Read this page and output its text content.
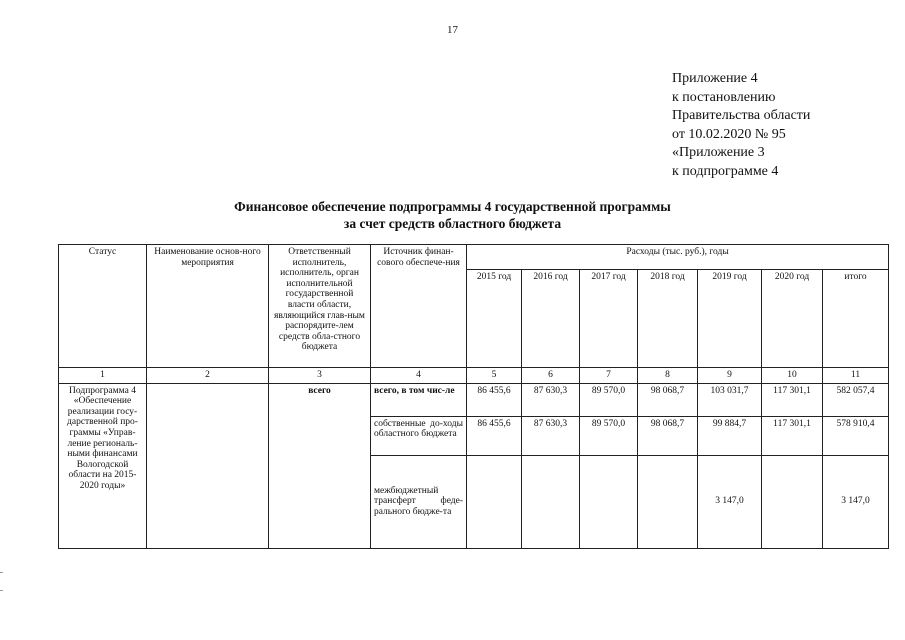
17
Приложение 4
к постановлению
Правительства области
от 10.02.2020 № 95
«Приложение 3
к подпрограмме 4
Финансовое обеспечение подпрограммы 4 государственной программы
за счет средств областного бюджета
Статус	Наименование основ-ного мероприятия	Ответственный исполнитель, исполнитель, орган исполнительной государственной власти области, являющийся глав-ным распорядите-лем средств обла-стного бюджета	Источник финан-сового обеспече-ния	Расходы (тыс. руб.), годы						
				2015 год	2016 год	2017 год	2018 год	2019 год	2020 год	итого
1	2	3	4	5	6	7	8	9	10	11
Подпрограмма 4 «Обеспечение реализации госу-дарственной про-граммы «Управ-ление региональ-ными финансами Вологодской области на 2015-2020 годы»		всего	всего, в том чис-ле	86 455,6	87 630,3	89 570,0	98 068,7	103 031,7	117 301,1	582 057,4
			собственные до-ходы областного бюджета	86 455,6	87 630,3	89 570,0	98 068,7	99 884,7	117 301,1	578 910,4
			межбюджетный трансферт феде-рального бюдже-та					3 147,0		3 147,0
